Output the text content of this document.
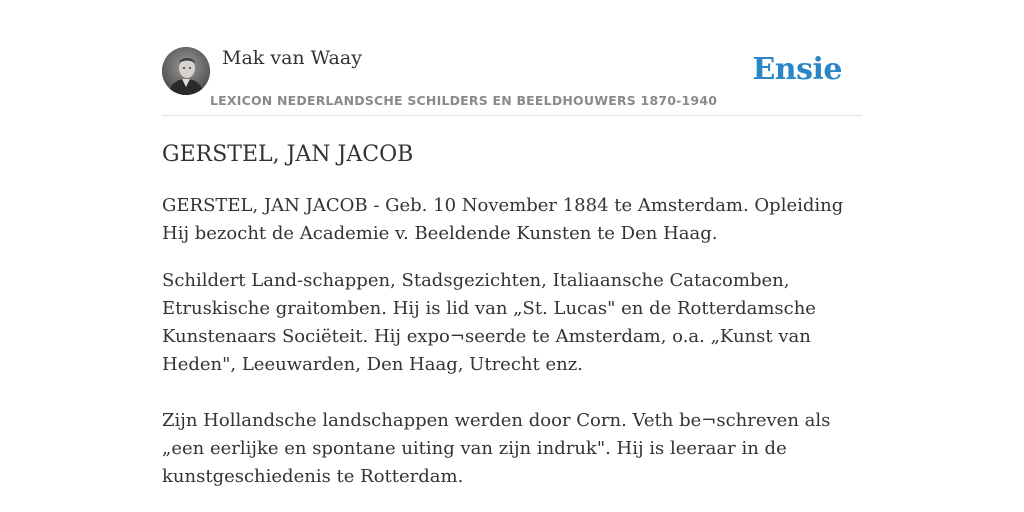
Mak van Waay
LEXICON NEDERLANDSCHE SCHILDERS EN BEELDHOUWERS 1870-1940
Ensie
GERSTEL, JAN JACOB

GERSTEL, JAN JACOB - Geb. 10 November 1884 te Amsterdam. Opleiding Hij bezocht de Academie v. Beeldende Kunsten te Den Haag.

Schildert Land-schappen, Stadsgezichten, Italiaansche Catacomben, Etruskische graitomben. Hij is lid van „St. Lucas" en de Rotterdamsche Kunstenaars Sociëteit. Hij expo¬seerde te Amsterdam, o.a. „Kunst van Heden", Leeuwarden, Den Haag, Utrecht enz.

Zijn Hollandsche landschappen werden door Corn. Veth be¬schreven als „een eerlijke en spontane uiting van zijn indruk". Hij is leeraar in de kunstgeschiedenis te Rotterdam.
